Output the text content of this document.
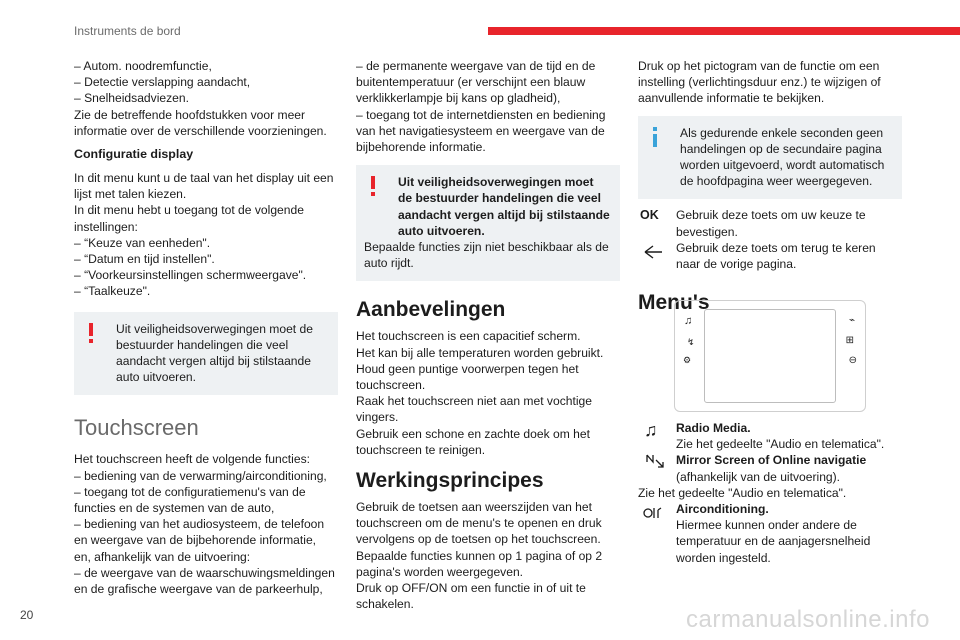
Instruments de bord
– Autom. noodremfunctie,
– Detectie verslapping aandacht,
– Snelheidsadviezen.
Zie de betreffende hoofdstukken voor meer informatie over de verschillende voorzieningen.
Configuratie display
In dit menu kunt u de taal van het display uit een lijst met talen kiezen.
In dit menu hebt u toegang tot de volgende instellingen:
– “Keuze van eenheden".
– “Datum en tijd instellen".
– “Voorkeursinstellingen schermweergave".
– “Taalkeuze".
Uit veiligheidsoverwegingen moet de bestuurder handelingen die veel aandacht vergen altijd bij stilstaande auto uitvoeren.
Touchscreen
Het touchscreen heeft de volgende functies:
– bediening van de verwarming/airconditioning,
– toegang tot de configuratiemenu's van de functies en de systemen van de auto,
– bediening van het audiosysteem, de telefoon en weergave van de bijbehorende informatie,
en, afhankelijk van de uitvoering:
– de weergave van de waarschuwingsmeldingen en de grafische weergave van de parkeerhulp,
– de permanente weergave van de tijd en de buitentemperatuur (er verschijnt een blauw verklikkerlampje bij kans op gladheid),
– toegang tot de internetdiensten en bediening van het navigatiesysteem en weergave van de bijbehorende informatie.
Uit veiligheidsoverwegingen moet de bestuurder handelingen die veel aandacht vergen altijd bij stilstaande auto uitvoeren.
Bepaalde functies zijn niet beschikbaar als de auto rijdt.
Aanbevelingen
Het touchscreen is een capacitief scherm.
Het kan bij alle temperaturen worden gebruikt.
Houd geen puntige voorwerpen tegen het touchscreen.
Raak het touchscreen niet aan met vochtige vingers.
Gebruik een schone en zachte doek om het touchscreen te reinigen.
Werkingsprincipes
Gebruik de toetsen aan weerszijden van het touchscreen om de menu's te openen en druk vervolgens op de toetsen op het touchscreen.
Bepaalde functies kunnen op 1 pagina of op 2 pagina's worden weergegeven.
Druk op OFF/ON om een functie in of uit te schakelen.
Druk op het pictogram van de functie om een instelling (verlichtingsduur enz.) te wijzigen of aanvullende informatie te bekijken.
Als gedurende enkele seconden geen handelingen op de secundaire pagina worden uitgevoerd, wordt automatisch de hoofdpagina weer weergegeven.
OK Gebruik deze toets om uw keuze te bevestigen.
Gebruik deze toets om terug te keren naar de vorige pagina.
Menu's
♫
↯
⚙
⌁
⊞
⊖
♫	Radio Media.
Zie het gedeelte "Audio en telematica".
Mirror Screen of Online navigatie
(afhankelijk van de uitvoering).
Zie het gedeelte "Audio en telematica".
Airconditioning.
Hiermee kunnen onder andere de temperatuur en de aanjagersnelheid worden ingesteld.
20	carmanualsonline.info
